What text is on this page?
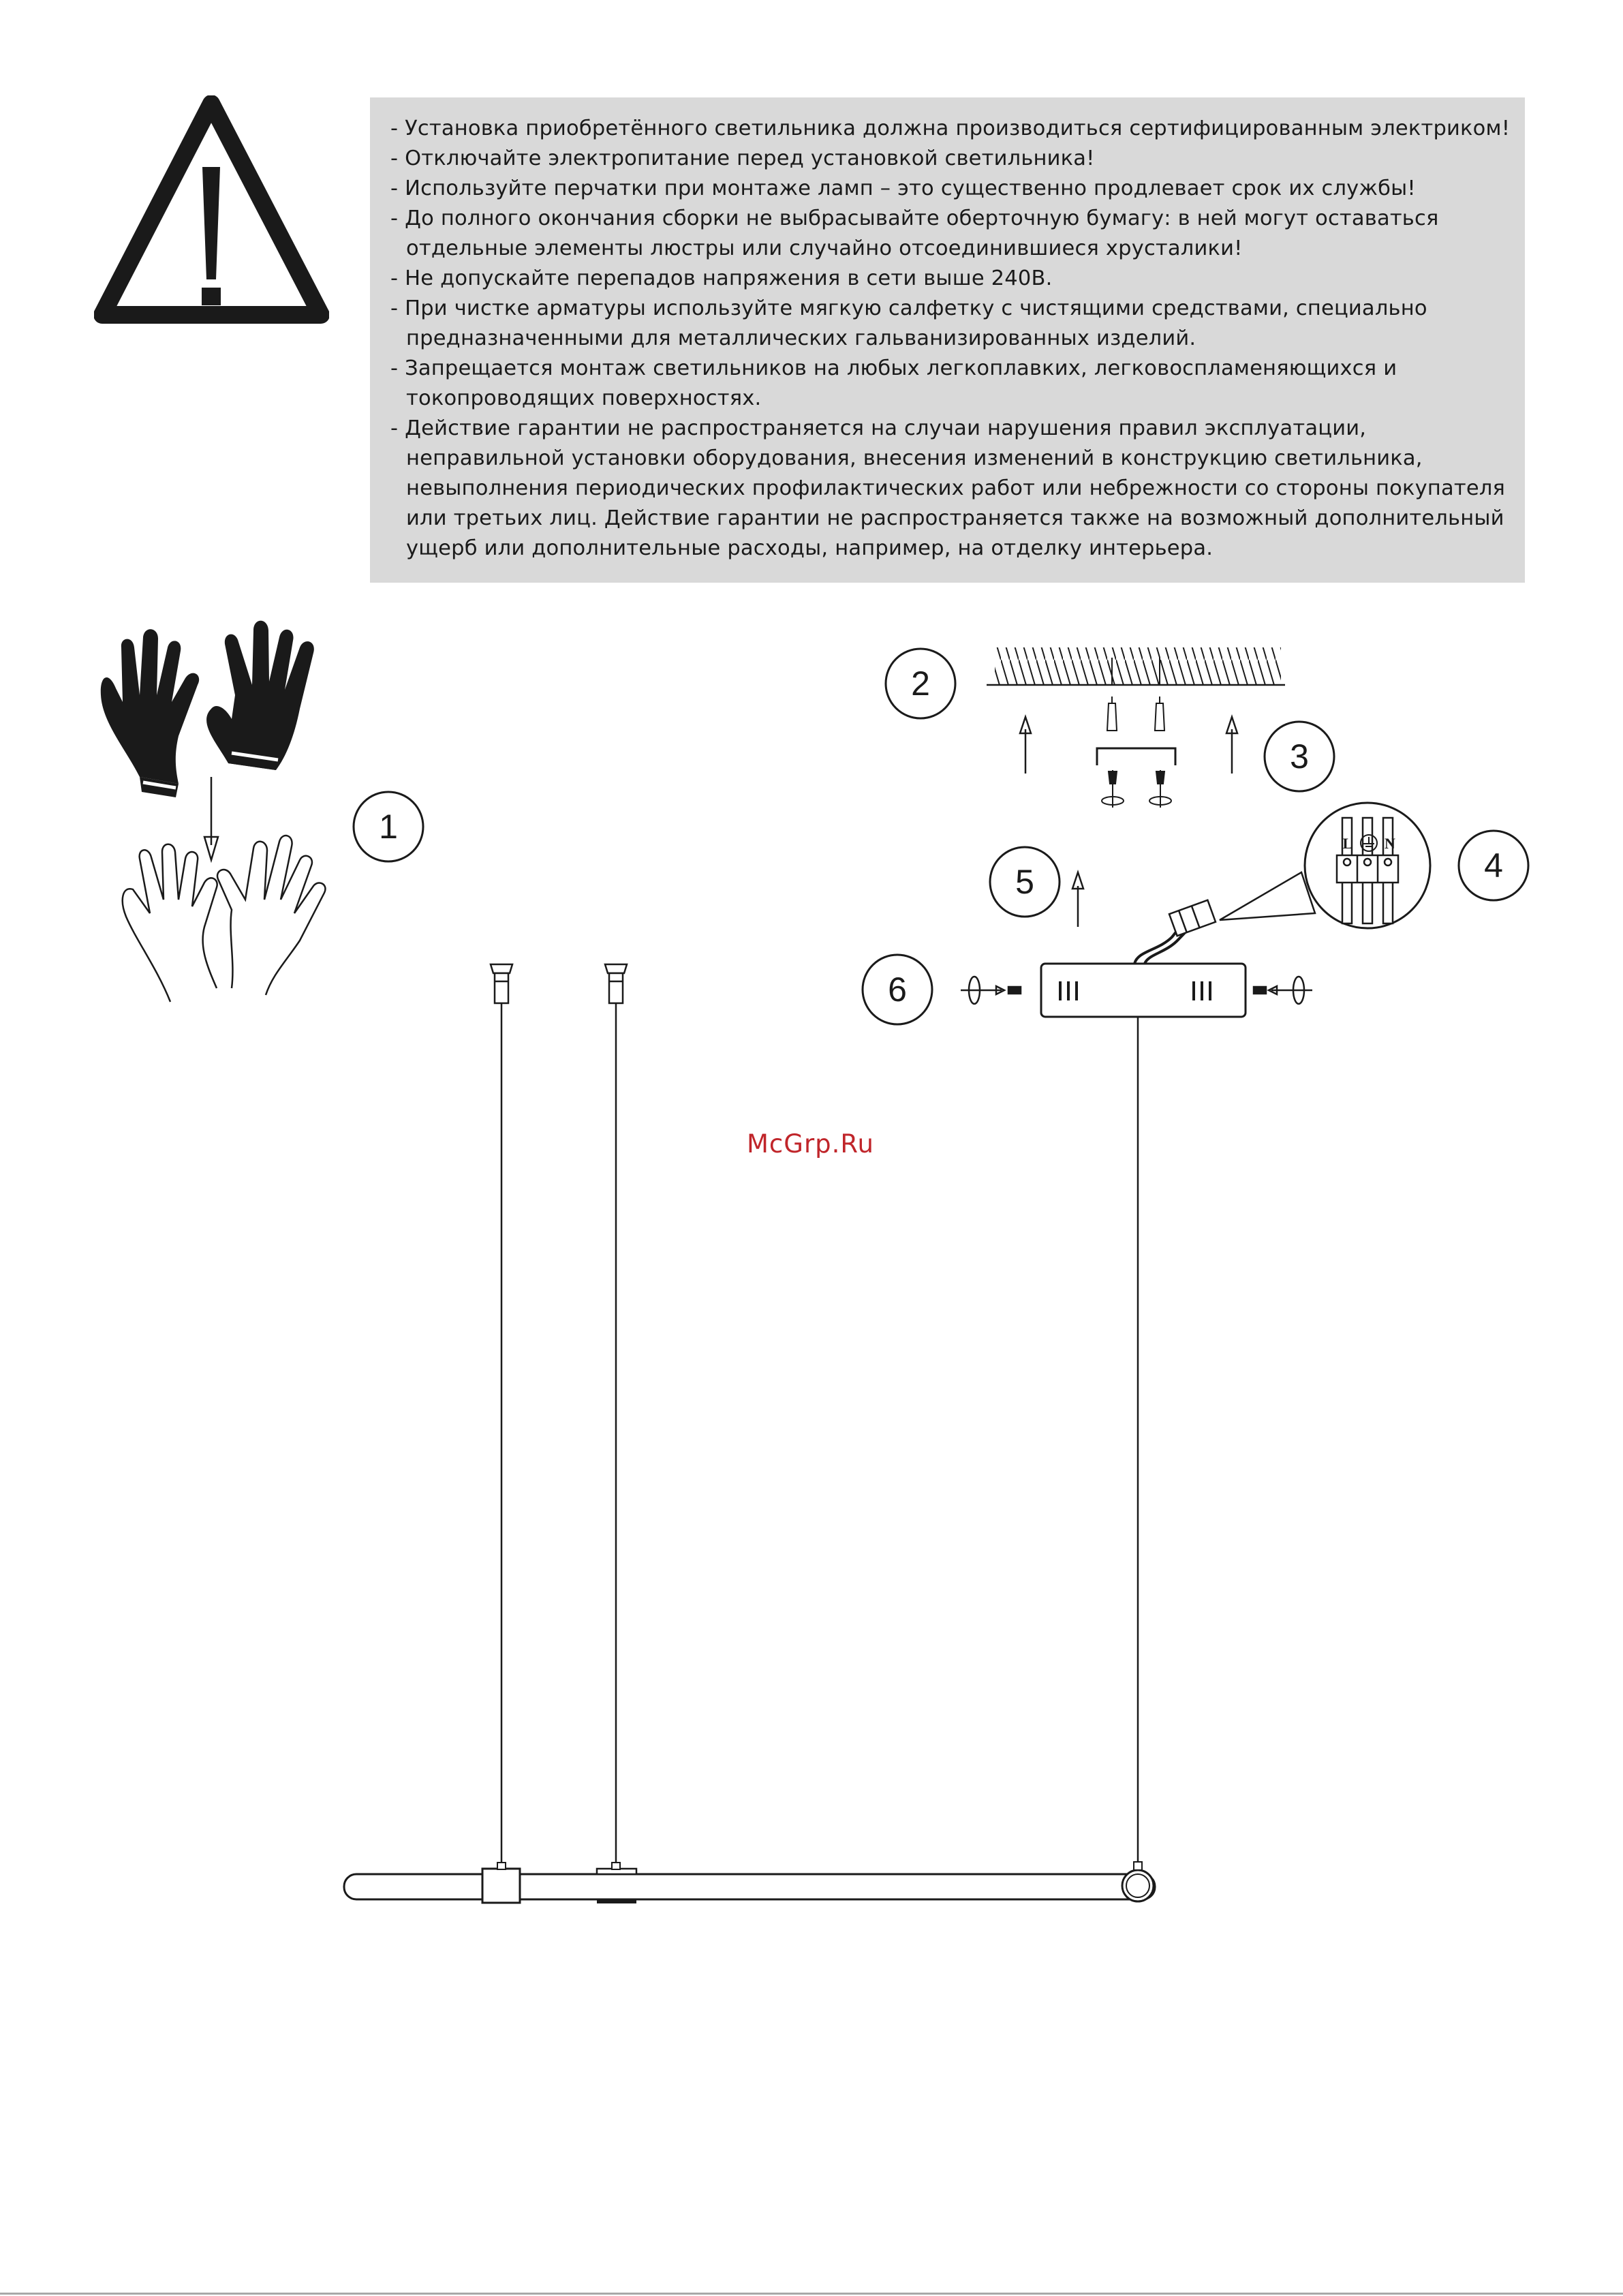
- Установка приобретённого светильника должна производиться сертифицированным электриком!
- Отключайте электропитание перед установкой светильника!
- Используйте перчатки при монтаже ламп – это существенно продлевает срок их службы!
- До полного окончания сборки не выбрасывайте оберточную бумагу: в ней могут оставаться
отдельные элементы люстры или случайно отсоединившиеся хрусталики!
- Не допускайте перепадов напряжения в сети выше 240В.
- При чистке арматуры используйте мягкую салфетку с чистящими средствами, специально
предназначенными для металлических гальванизированных изделий.
- Запрещается монтаж светильников на любых легкоплавких, легковоспламеняющихся и
токопроводящих поверхностях.
- Действие гарантии не распространяется на случаи нарушения правил эксплуатации,
неправильной установки оборудования, внесения изменений в конструкцию светильника,
невыполнения периодических профилактических работ или небрежности со стороны покупателя
или третьих лиц. Действие гарантии не распространяется также на возможный дополнительный
ущерб или дополнительные расходы, например, на отделку интерьера.
1
2
3
4
5
6
L N
McGrp.Ru
